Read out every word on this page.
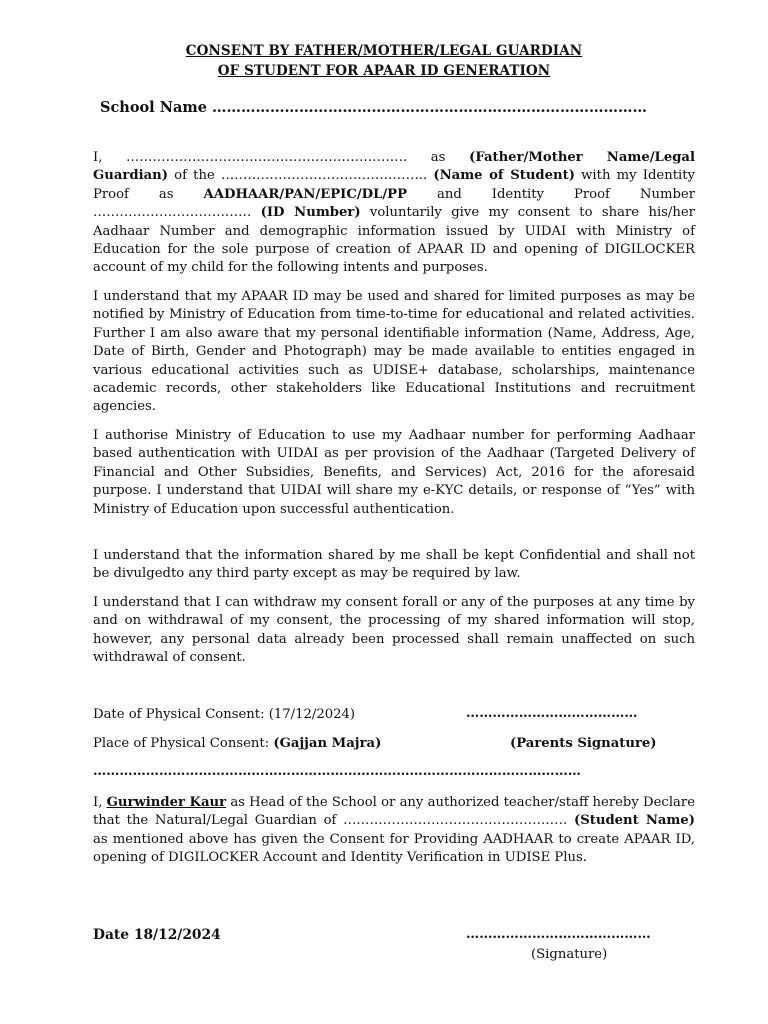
CONSENT BY FATHER/MOTHER/LEGAL GUARDIAN
OF STUDENT FOR APAAR ID GENERATION
School Name ………………………………………………………………………………
I, ………………………………………………………. as (Father/Mother Name/Legal Guardian) of the ……………………………………….. (Name of Student) with my Identity Proof as AADHAAR/PAN/EPIC/DL/PP and Identity Proof Number ……………………………… (ID Number) voluntarily give my consent to share his/her Aadhaar Number and demographic information issued by UIDAI with Ministry of Education for the sole purpose of creation of APAAR ID and opening of DIGILOCKER account of my child for the following intents and purposes.
I understand that my APAAR ID may be used and shared for limited purposes as may be notified by Ministry of Education from time-to-time for educational and related activities. Further I am also aware that my personal identifiable information (Name, Address, Age, Date of Birth, Gender and Photograph) may be made available to entities engaged in various educational activities such as UDISE+ database, scholarships, maintenance academic records, other stakeholders like Educational Institutions and recruitment agencies.
I authorise Ministry of Education to use my Aadhaar number for performing Aadhaar based authentication with UIDAI as per provision of the Aadhaar (Targeted Delivery of Financial and Other Subsidies, Benefits, and Services) Act, 2016 for the aforesaid purpose. I understand that UIDAI will share my e-KYC details, or response of “Yes” with Ministry of Education upon successful authentication.
I understand that the information shared by me shall be kept Confidential and shall not be divulgedto any third party except as may be required by law.
I understand that I can withdraw my consent forall or any of the purposes at any time by and on withdrawal of my consent, the processing of my shared information will stop, however, any personal data already been processed shall remain unaffected on such withdrawal of consent.
Date of Physical Consent: (17/12/2024)	…………………………………
Place of Physical Consent: (Gajjan Majra)	(Parents Signature)
…………………………………………………………………………………………………
I, Gurwinder Kaur as Head of the School or any authorized teacher/staff hereby Declare that the Natural/Legal Guardian of …………………………………………… (Student Name) as mentioned above has given the Consent for Providing AADHAAR to create APAAR ID, opening of DIGILOCKER Account and Identity Verification in UDISE Plus.
Date 18/12/2024	……………………………………
(Signature)
